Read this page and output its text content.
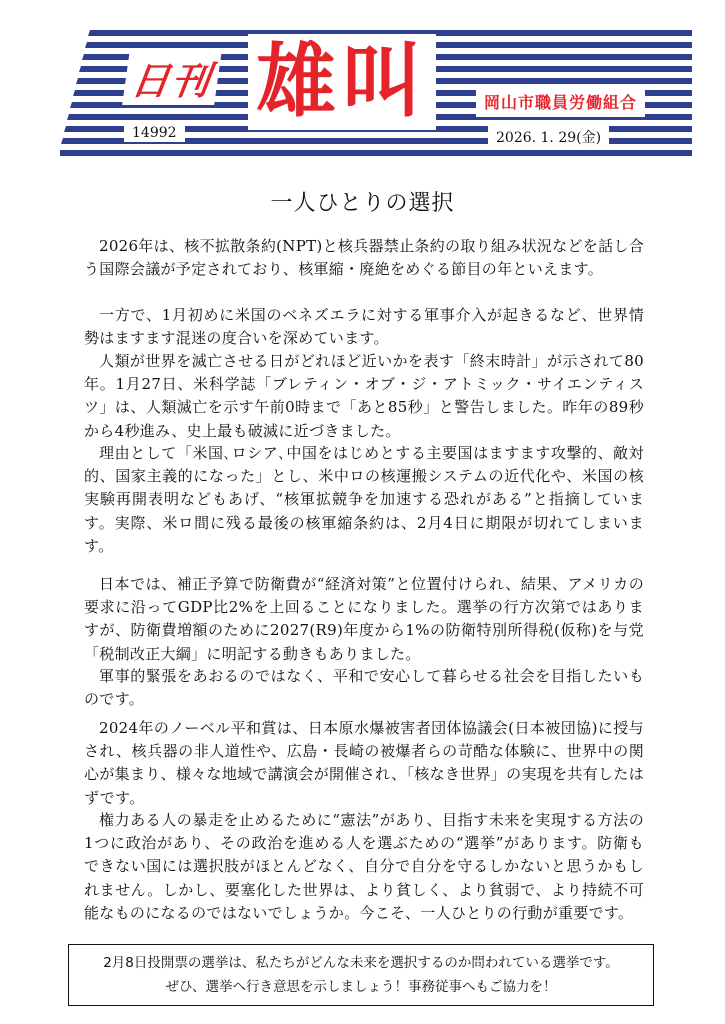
日刊 雄叫	岡山市職員労働組合
14992	2026. 1. 29(金)
一人ひとりの選択

2026年は、核不拡散条約(NPT)と核兵器禁止条約の取り組み状況などを話し合う国際会議が予定されており、核軍縮・廃絶をめぐる節目の年といえます。

一方で、1月初めに米国のベネズエラに対する軍事介入が起きるなど、世界情勢はますます混迷の度合いを深めています。

人類が世界を滅亡させる日がどれほど近いかを表す「終末時計」が示されて80年。1月27日、米科学誌「ブレティン・オブ・ジ・アトミック・サイエンティスツ」は、人類滅亡を示す午前0時まで「あと85秒」と警告しました。昨年の89秒から4秒進み、史上最も破滅に近づきました。

理由として「米国､ロシア､中国をはじめとする主要国はますます攻撃的、敵対的、国家主義的になった」とし、米中ロの核運搬システムの近代化や、米国の核実験再開表明などもあげ、“核軍拡競争を加速する恐れがある”と指摘しています。実際、米ロ間に残る最後の核軍縮条約は、2月4日に期限が切れてしまいます。

日本では、補正予算で防衛費が“経済対策”と位置付けられ、結果、アメリカの要求に沿ってGDP比2%を上回ることになりました。選挙の行方次第ではありますが、防衛費増額のために2027(R9)年度から1%の防衛特別所得税(仮称)を与党「税制改正大綱」に明記する動きもありました。

軍事的緊張をあおるのではなく、平和で安心して暮らせる社会を目指したいものです。

2024年のノーベル平和賞は、日本原水爆被害者団体協議会(日本被団協)に授与され、核兵器の非人道性や、広島・長崎の被爆者らの苛酷な体験に、世界中の関心が集まり、様々な地域で講演会が開催され、「核なき世界」の実現を共有したはずです。

権力ある人の暴走を止めるために“憲法”があり、目指す未来を実現する方法の1つに政治があり、その政治を進める人を選ぶための“選挙”があります。防衛もできない国には選択肢がほとんどなく、自分で自分を守るしかないと思うかもしれません。しかし、要塞化した世界は、より貧しく、より貧弱で、より持続不可能なものになるのではないでしょうか。今こそ、一人ひとりの行動が重要です。

2月8日投開票の選挙は、私たちがどんな未来を選択するのか問われている選挙です。
ぜひ、選挙へ行き意思を示しましょう！事務従事へもご協力を！
